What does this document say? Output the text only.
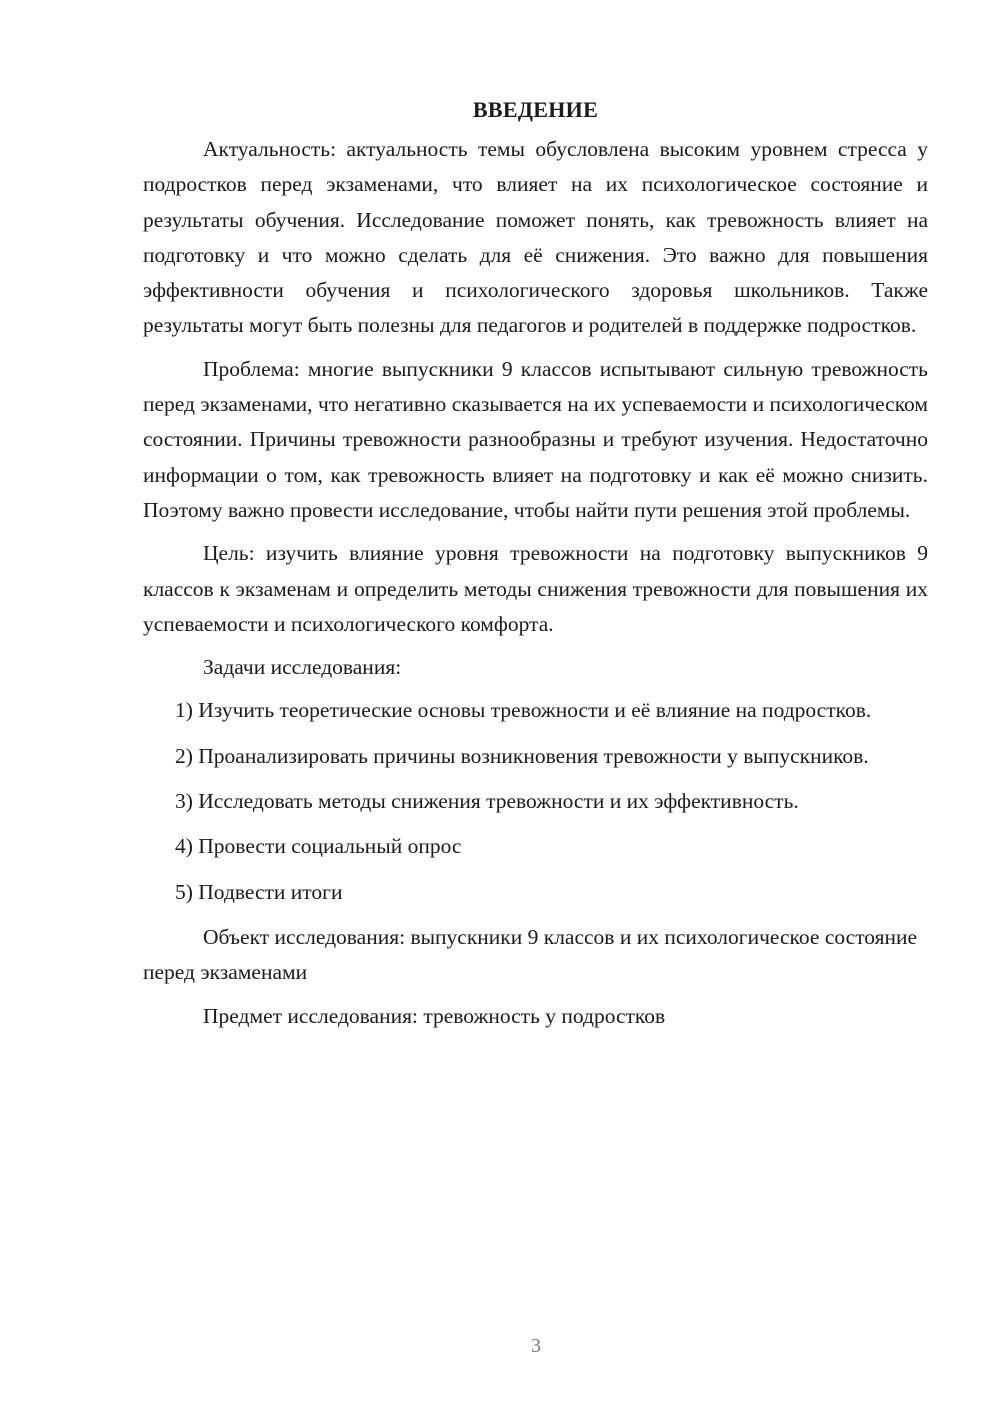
ВВЕДЕНИЕ

Актуальность: актуальность темы обусловлена высоким уровнем стресса у подростков перед экзаменами, что влияет на их психологическое состояние и результаты обучения. Исследование поможет понять, как тревожность влияет на подготовку и что можно сделать для её снижения. Это важно для повышения эффективности обучения и психологического здоровья школьников. Также результаты могут быть полезны для педагогов и родителей в поддержке подростков.

Проблема: многие выпускники 9 классов испытывают сильную тревожность перед экзаменами, что негативно сказывается на их успеваемости и психологическом состоянии. Причины тревожности разнообразны и требуют изучения. Недостаточно информации о том, как тревожность влияет на подготовку и как её можно снизить. Поэтому важно провести исследование, чтобы найти пути решения этой проблемы.

Цель: изучить влияние уровня тревожности на подготовку выпускников 9 классов к экзаменам и определить методы снижения тревожности для повышения их успеваемости и психологического комфорта.

Задачи исследования:

1) Изучить теоретические основы тревожности и её влияние на подростков.

2) Проанализировать причины возникновения тревожности у выпускников.

3) Исследовать методы снижения тревожности и их эффективность.

4) Провести социальный опрос

5) Подвести итоги

Объект исследования: выпускники 9 классов и их психологическое состояние перед экзаменами

Предмет исследования: тревожность у подростков

3
